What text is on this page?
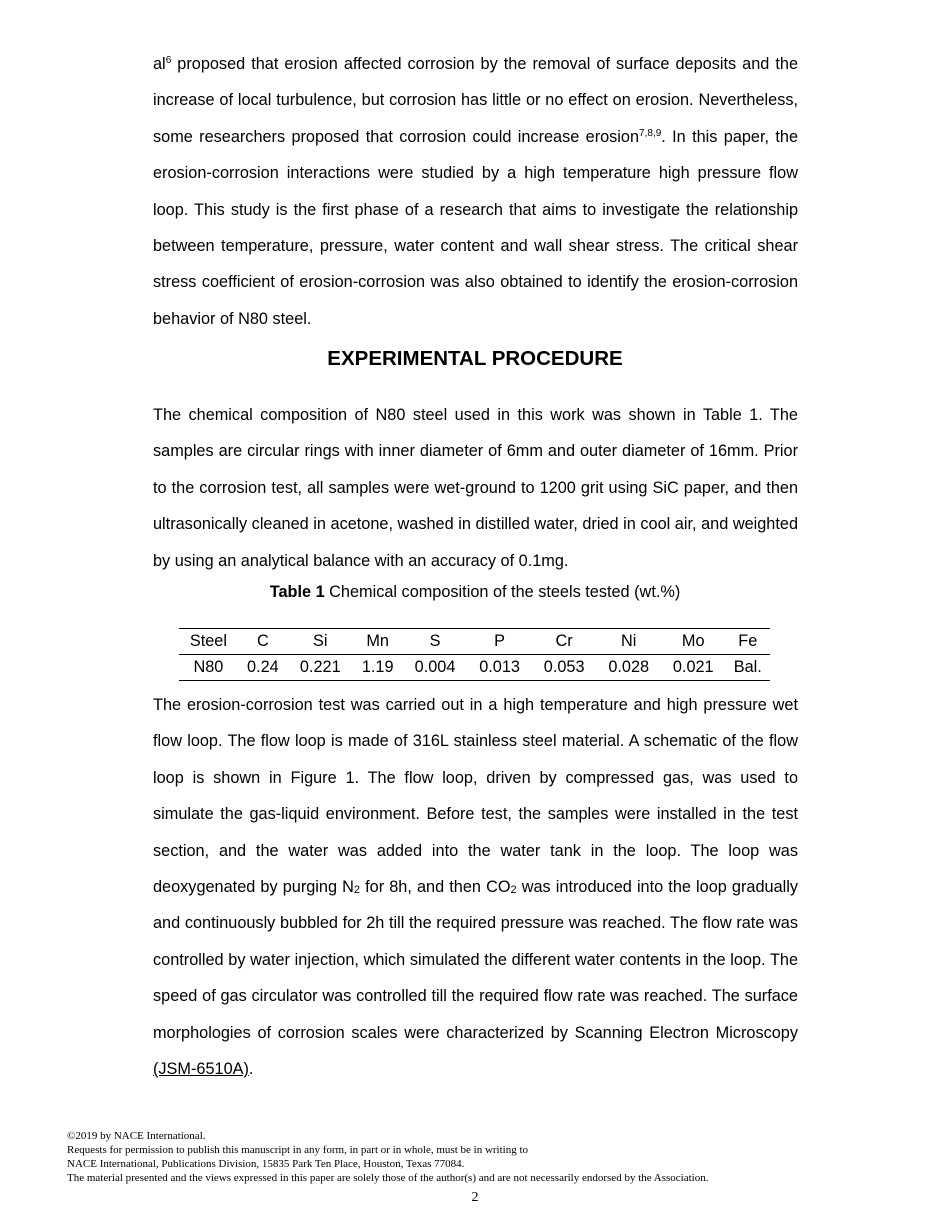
$al^6$ proposed that erosion affected corrosion by the removal of surface deposits and the increase of local turbulence, but corrosion has little or no effect on erosion. Nevertheless, some researchers proposed that corrosion could increase erosion$^{7,8,9}$. In this paper, the erosion-corrosion interactions were studied by a high temperature high pressure flow loop. This study is the first phase of a research that aims to investigate the relationship between temperature, pressure, water content and wall shear stress. The critical shear stress coefficient of erosion-corrosion was also obtained to identify the erosion-corrosion behavior of N80 steel.

EXPERIMENTAL PROCEDURE

The chemical composition of N80 steel used in this work was shown in Table 1. The samples are circular rings with inner diameter of 6mm and outer diameter of 16mm. Prior to the corrosion test, all samples were wet-ground to 1200 grit using SiC paper, and then ultrasonically cleaned in acetone, washed in distilled water, dried in cool air, and weighted by using an analytical balance with an accuracy of 0.1mg.

Table 1 Chemical composition of the steels tested (wt.%)

Steel	C	Si	Mn	S	P	Cr	Ni	Mo	Fe
N80	0.24	0.221	1.19	0.004	0.013	0.053	0.028	0.021	Bal.

The erosion-corrosion test was carried out in a high temperature and high pressure wet flow loop. The flow loop is made of 316L stainless steel material. A schematic of the flow loop is shown in Figure 1. The flow loop, driven by compressed gas, was used to simulate the gas-liquid environment. Before test, the samples were installed in the test section, and the water was added into the water tank in the loop. The loop was deoxygenated by purging $N_2$ for 8h, and then $CO_2$ was introduced into the loop gradually and continuously bubbled for 2h till the required pressure was reached. The flow rate was controlled by water injection, which simulated the different water contents in the loop. The speed of gas circulator was controlled till the required flow rate was reached. The surface morphologies of corrosion scales were characterized by Scanning Electron Microscopy (JSM-6510A).

©2019 by NACE International.
Requests for permission to publish this manuscript in any form, in part or in whole, must be in writing to
NACE International, Publications Division, 15835 Park Ten Place, Houston, Texas 77084.
The material presented and the views expressed in this paper are solely those of the author(s) and are not necessarily endorsed by the Association.

2
